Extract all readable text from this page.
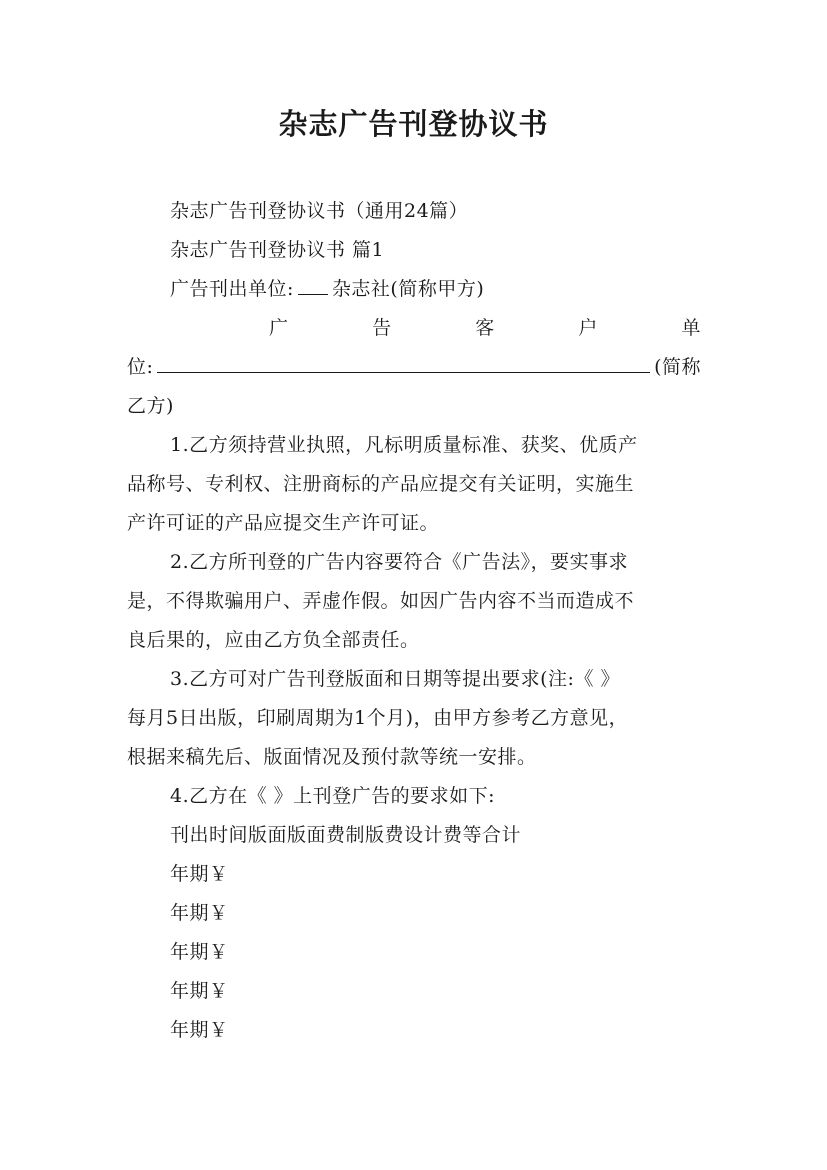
杂志广告刊登协议书
杂志广告刊登协议书（通用24篇）
杂志广告刊登协议书 篇1
广告刊出单位: 杂志社(简称甲方)
广	告	客	户	单
位:	(简称
乙方)
1.乙方须持营业执照，凡标明质量标准、获奖、优质产
品称号、专利权、注册商标的产品应提交有关证明，实施生
产许可证的产品应提交生产许可证。
2.乙方所刊登的广告内容要符合《广告法》，要实事求
是，不得欺骗用户、弄虚作假。如因广告内容不当而造成不
良后果的，应由乙方负全部责任。
3.乙方可对广告刊登版面和日期等提出要求(注:《 》
每月5日出版，印刷周期为1个月)，由甲方参考乙方意见，
根据来稿先后、版面情况及预付款等统一安排。
4.乙方在《 》上刊登广告的要求如下:
刊出时间版面版面费制版费设计费等合计
年期￥
年期￥
年期￥
年期￥
年期￥
